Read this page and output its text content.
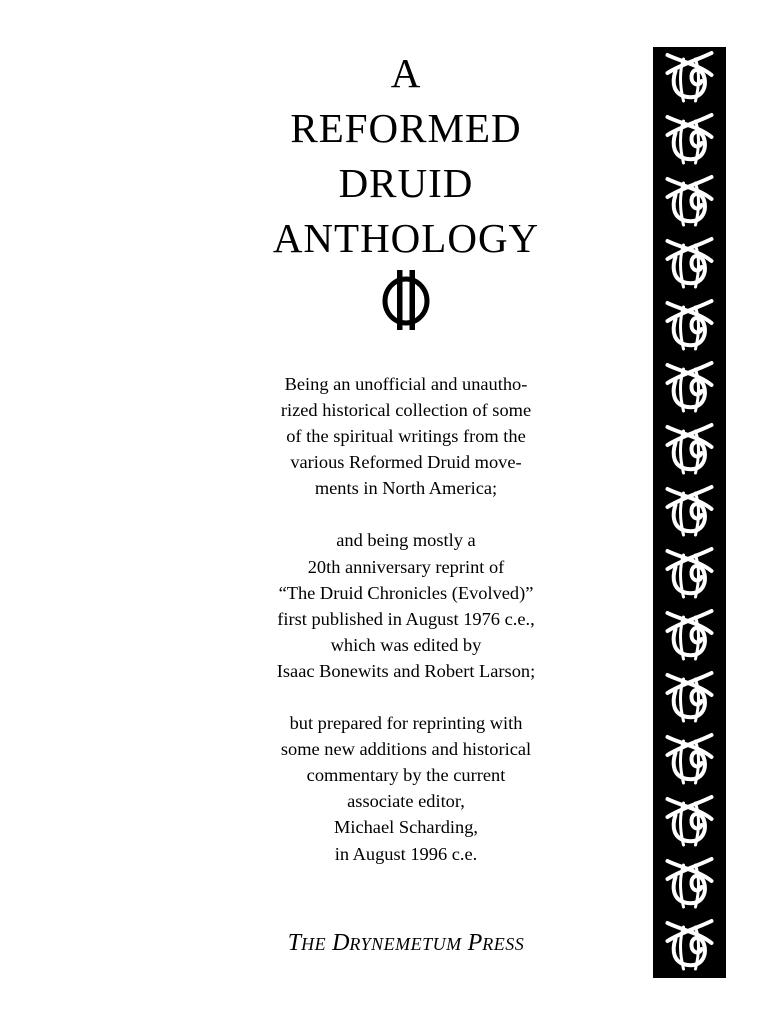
A
REFORMED
DRUID
ANTHOLOGY

Being an unofficial and unautho-
rized historical collection of some
of the spiritual writings from the
various Reformed Druid move-
ments in North America;

and being mostly a
20th anniversary reprint of
“The Druid Chronicles (Evolved)”
first published in August 1976 c.e.,
which was edited by
Isaac Bonewits and Robert Larson;

but prepared for reprinting with
some new additions and historical
commentary by the current
associate editor,
Michael Scharding,
in August 1996 c.e.

THE DRYNEMETUM PRESS
